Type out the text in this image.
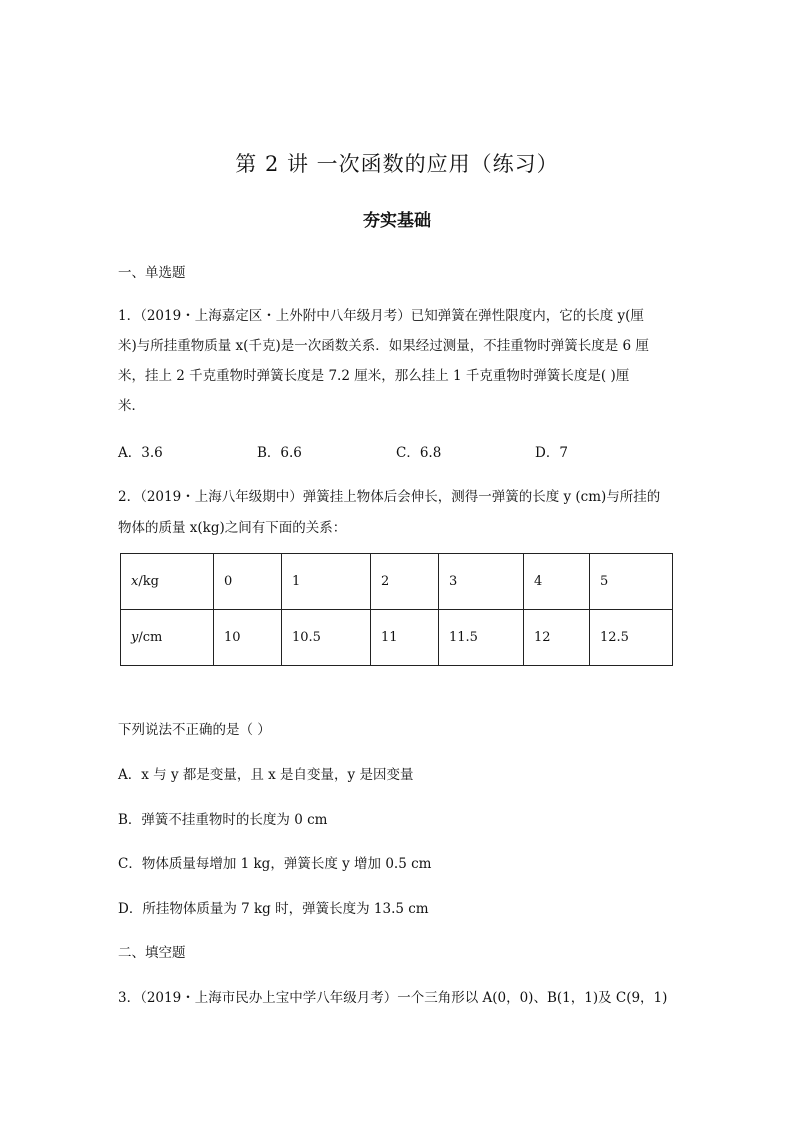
第 2 讲 一次函数的应用（练习）
夯实基础
一、单选题
1．（2019・上海嘉定区・上外附中八年级月考）已知弹簧在弹性限度内，它的长度 y(厘
米)与所挂重物质量 x(千克)是一次函数关系．如果经过测量，不挂重物时弹簧长度是 6 厘
米，挂上 2 千克重物时弹簧长度是 7.2 厘米，那么挂上 1 千克重物时弹簧长度是( )厘
米．
A．3.6	B．6.6	C．6.8	D．7
2．（2019・上海八年级期中）弹簧挂上物体后会伸长，测得一弹簧的长度 y (cm)与所挂的
物体的质量 x(kg)之间有下面的关系：
x/kg	0	1	2	3	4	5
y/cm	10	10.5	11	11.5	12	12.5
下列说法不正确的是（ ）
A．x 与 y 都是变量，且 x 是自变量，y 是因变量
B．弹簧不挂重物时的长度为 0 cm
C．物体质量每增加 1 kg，弹簧长度 y 增加 0.5 cm
D．所挂物体质量为 7 kg 时，弹簧长度为 13.5 cm
二、填空题
3．（2019・上海市民办上宝中学八年级月考）一个三角形以 A(0，0)、B(1，1)及 C(9，1)
